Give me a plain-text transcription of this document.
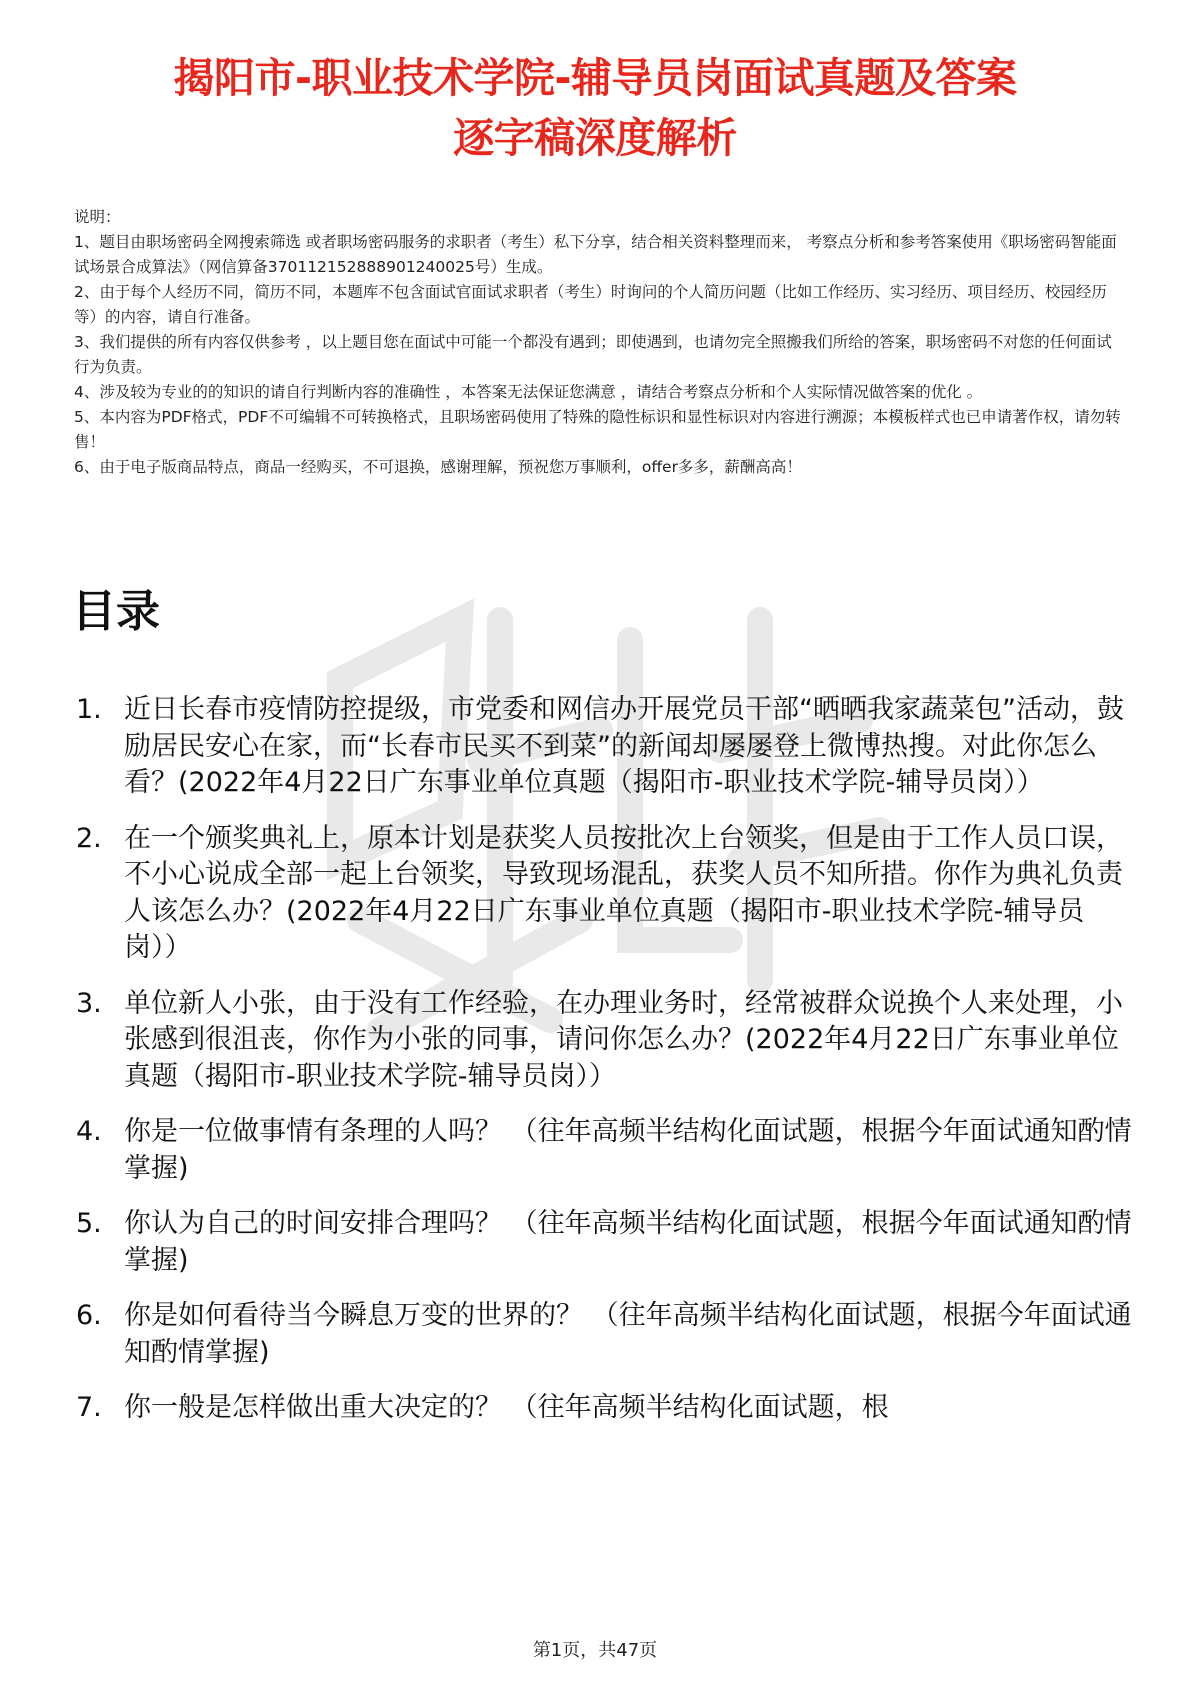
揭阳市-职业技术学院-辅导员岗面试真题及答案
逐字稿深度解析
说明：
1、题目由职场密码全网搜索筛选 或者职场密码服务的求职者（考生）私下分享，结合相关资料整理而来， 考察点分析和参考答案使用《职场密码智能面试场景合成算法》（网信算备370112152888901240025号）生成。
2、由于每个人经历不同，简历不同，本题库不包含面试官面试求职者（考生）时询问的个人简历问题（比如工作经历、实习经历、项目经历、校园经历等）的内容，请自行准备。
3、我们提供的所有内容仅供参考 ，以上题目您在面试中可能一个都没有遇到；即使遇到，也请勿完全照搬我们所给的答案，职场密码不对您的任何面试行为负责。
4、涉及较为专业的的知识的请自行判断内容的准确性 ，本答案无法保证您满意 ，请结合考察点分析和个人实际情况做答案的优化 。
5、本内容为PDF格式，PDF不可编辑不可转换格式，且职场密码使用了特殊的隐性标识和显性标识对内容进行溯源；本模板样式也已申请著作权，请勿转售！
6、由于电子版商品特点，商品一经购买，不可退换，感谢理解，预祝您万事顺利，offer多多，薪酬高高！
目录
1. 近日长春市疫情防控提级，市党委和网信办开展党员干部“晒晒我家蔬菜包”活动，鼓励居民安心在家，而“长春市民买不到菜”的新闻却屡屡登上微博热搜。对此你怎么看？(2022年4月22日广东事业单位真题（揭阳市-职业技术学院-辅导员岗））
2. 在一个颁奖典礼上，原本计划是获奖人员按批次上台领奖，但是由于工作人员口误，不小心说成全部一起上台领奖，导致现场混乱，获奖人员不知所措。你作为典礼负责人该怎么办？(2022年4月22日广东事业单位真题（揭阳市-职业技术学院-辅导员岗））
3. 单位新人小张，由于没有工作经验，在办理业务时，经常被群众说换个人来处理，小张感到很沮丧，你作为小张的同事，请问你怎么办？(2022年4月22日广东事业单位真题（揭阳市-职业技术学院-辅导员岗））
4. 你是一位做事情有条理的人吗？ （往年高频半结构化面试题，根据今年面试通知酌情掌握)
5. 你认为自己的时间安排合理吗？ （往年高频半结构化面试题，根据今年面试通知酌情掌握)
6. 你是如何看待当今瞬息万变的世界的？ （往年高频半结构化面试题，根据今年面试通知酌情掌握)
7. 你一般是怎样做出重大决定的？ （往年高频半结构化面试题，根
第1页，共47页
